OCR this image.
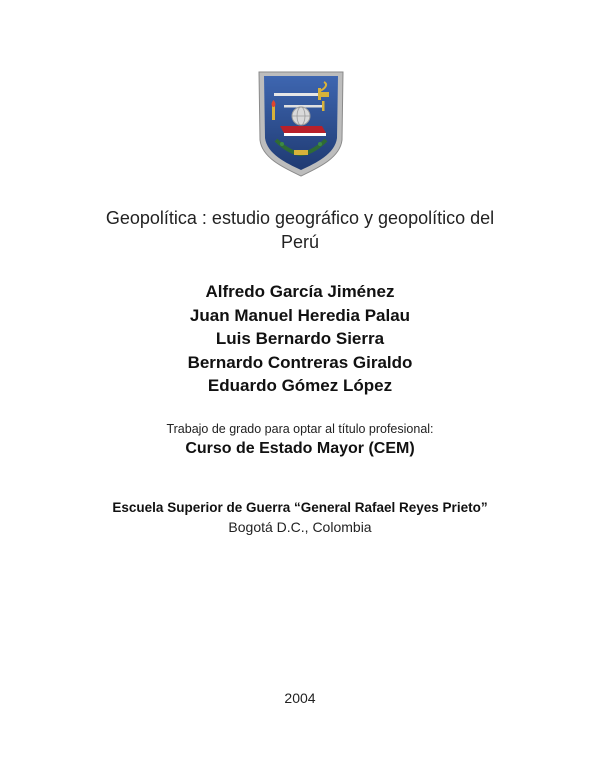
Geopolítica : estudio geográfico y geopolítico del
Perú
Alfredo García Jiménez
Juan Manuel Heredia Palau
Luis Bernardo Sierra
Bernardo Contreras Giraldo
Eduardo Gómez López
Trabajo de grado para optar al título profesional:
Curso de Estado Mayor (CEM)
Escuela Superior de Guerra “General Rafael Reyes Prieto”
Bogotá D.C., Colombia
2004
